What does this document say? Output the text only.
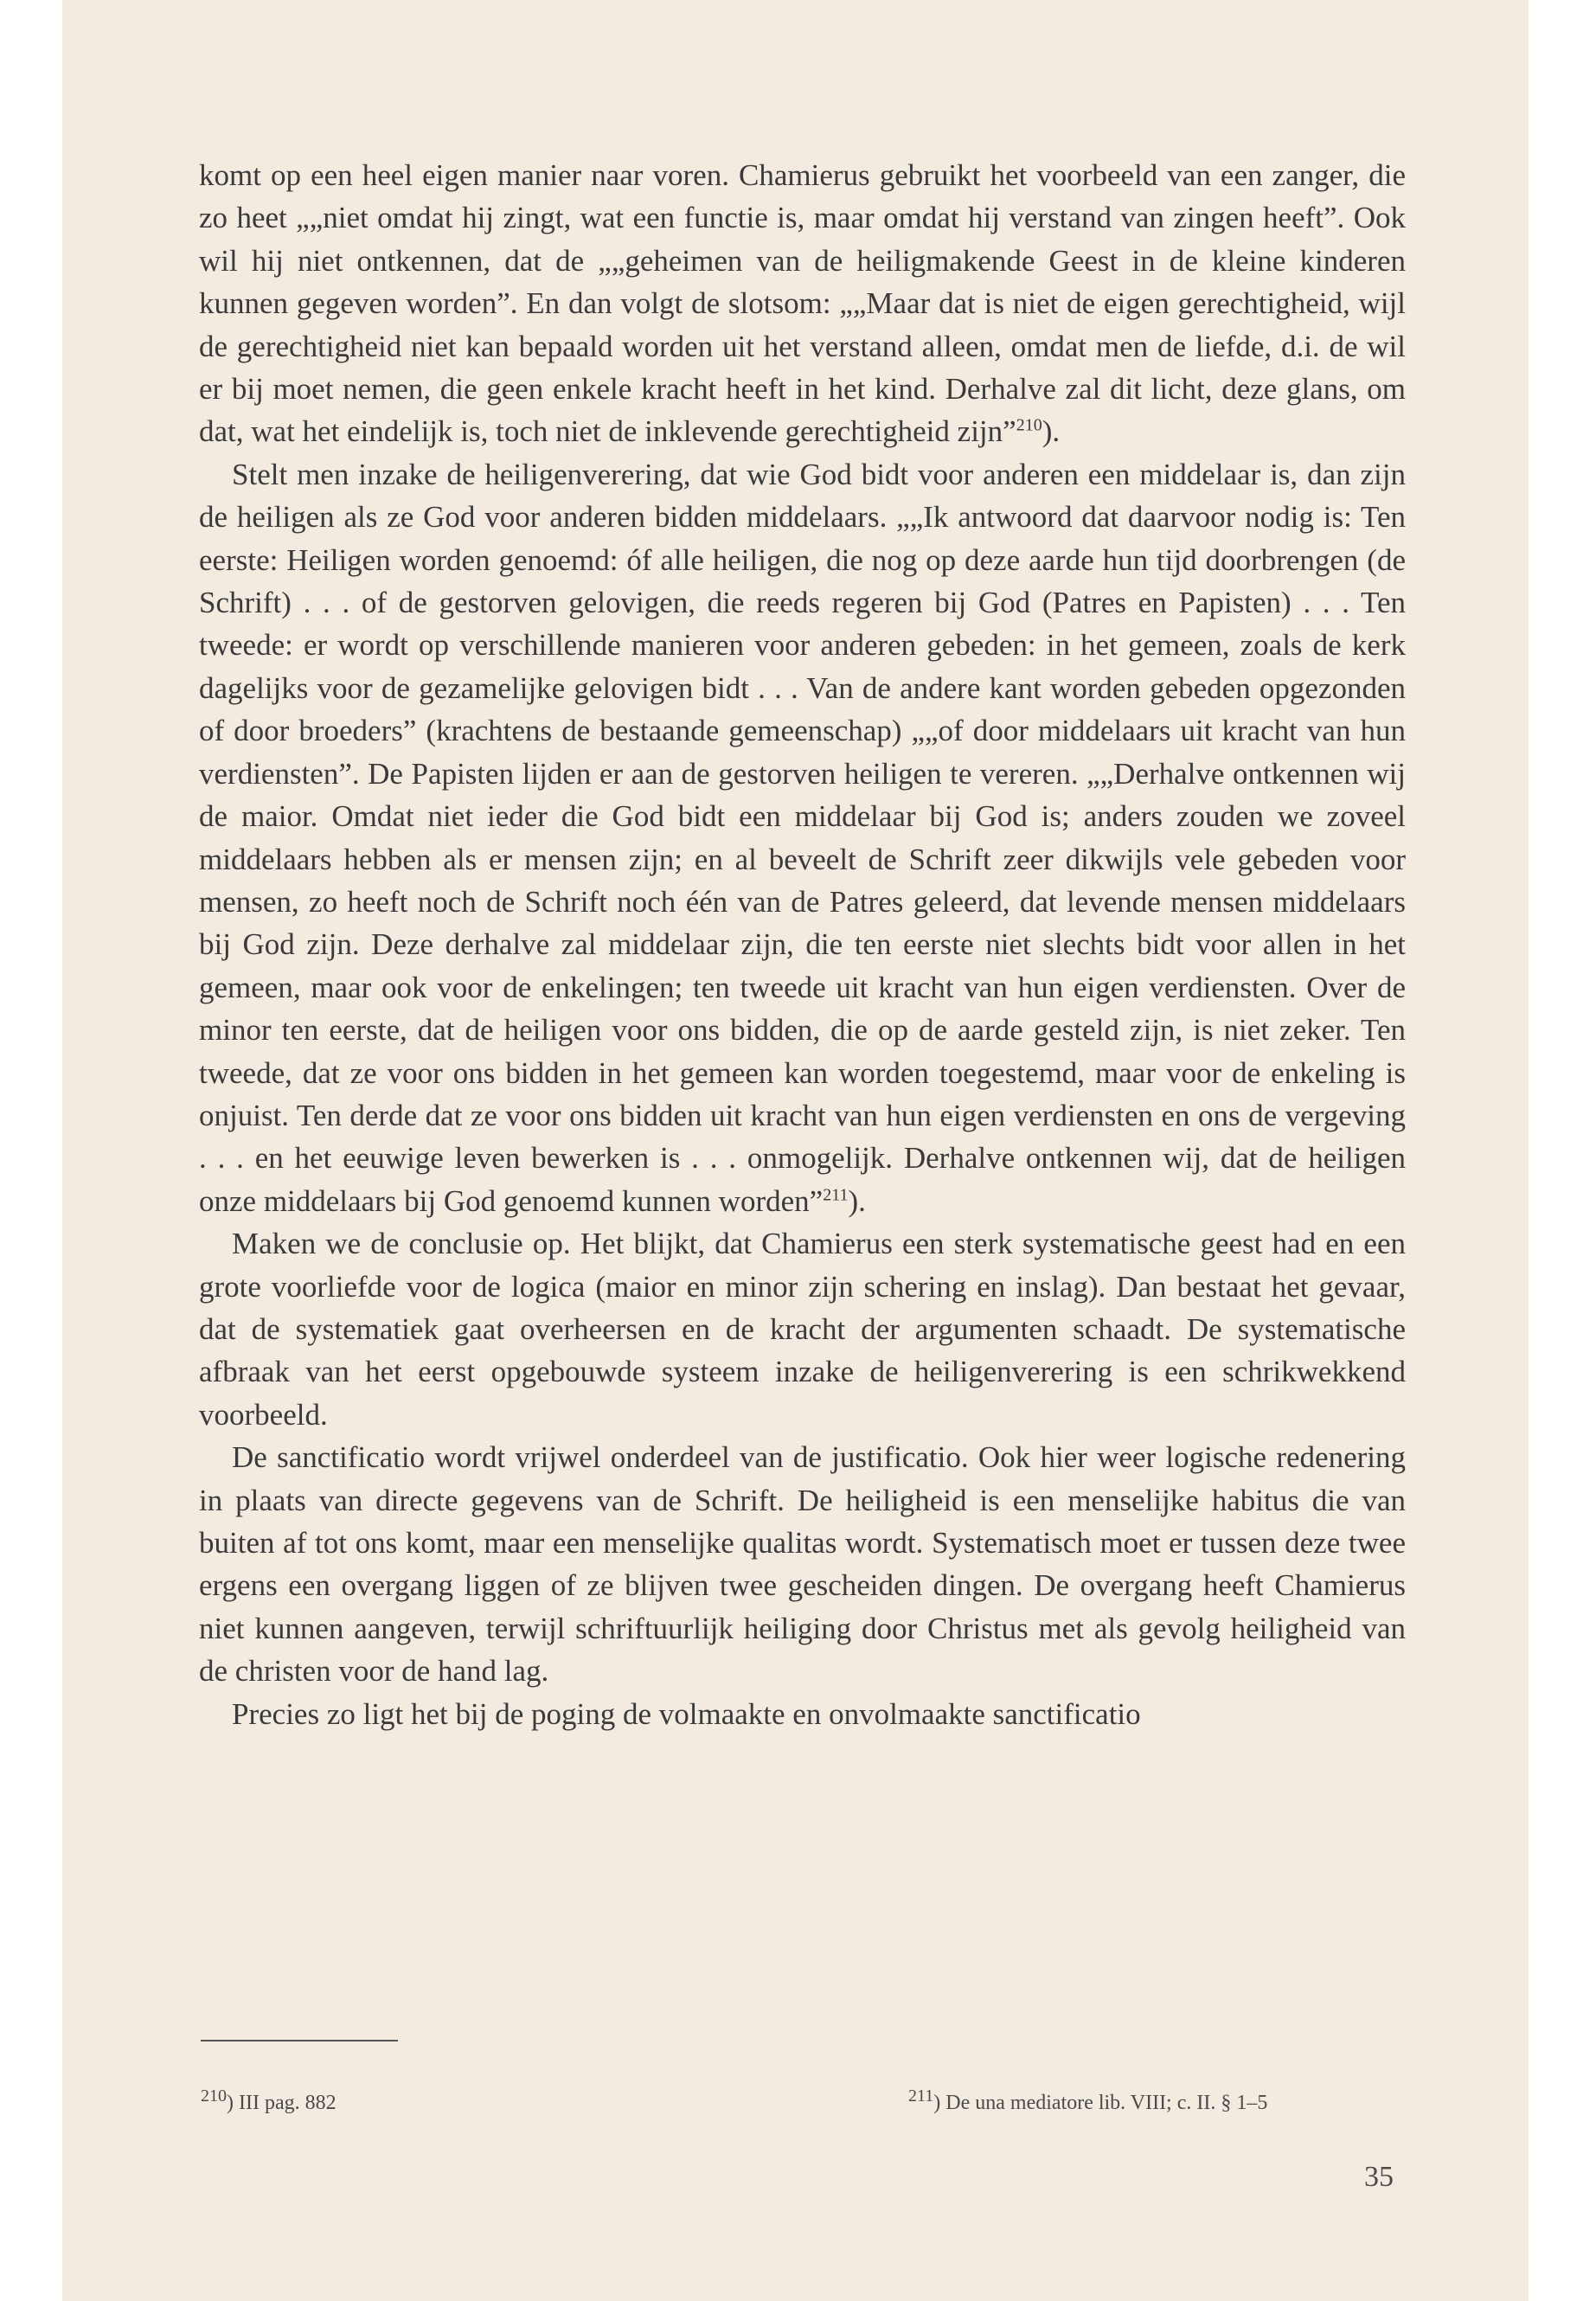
komt op een heel eigen manier naar voren. Chamierus gebruikt het voorbeeld van een zanger, die zo heet „„niet omdat hij zingt, wat een functie is, maar omdat hij verstand van zingen heeft”. Ook wil hij niet ontkennen, dat de „„geheimen van de heiligmakende Geest in de kleine kinderen kunnen gegeven worden”. En dan volgt de slotsom: „„Maar dat is niet de eigen gerechtigheid, wijl de gerechtigheid niet kan bepaald worden uit het verstand alleen, omdat men de liefde, d.i. de wil er bij moet nemen, die geen enkele kracht heeft in het kind. Derhalve zal dit licht, deze glans, om dat, wat het eindelijk is, toch niet de inklevende gerechtigheid zijn”$^{210}$).

Stelt men inzake de heiligenverering, dat wie God bidt voor anderen een middelaar is, dan zijn de heiligen als ze God voor anderen bidden middelaars. „„Ik antwoord dat daarvoor nodig is: Ten eerste: Heiligen worden genoemd: óf alle heiligen, die nog op deze aarde hun tijd doorbrengen (de Schrift) . . . of de gestorven gelovigen, die reeds regeren bij God (Patres en Papisten) . . . Ten tweede: er wordt op verschillende manieren voor anderen gebeden: in het gemeen, zoals de kerk dagelijks voor de gezamelijke gelovigen bidt . . . Van de andere kant worden gebeden opgezonden of door broeders” (krachtens de bestaande gemeenschap) „„of door middelaars uit kracht van hun verdiensten”. De Papisten lijden er aan de gestorven heiligen te vereren. „„Derhalve ontkennen wij de maior. Omdat niet ieder die God bidt een middelaar bij God is; anders zouden we zoveel middelaars hebben als er mensen zijn; en al beveelt de Schrift zeer dikwijls vele gebeden voor mensen, zo heeft noch de Schrift noch één van de Patres geleerd, dat levende mensen middelaars bij God zijn. Deze derhalve zal middelaar zijn, die ten eerste niet slechts bidt voor allen in het gemeen, maar ook voor de enkelingen; ten tweede uit kracht van hun eigen verdiensten. Over de minor ten eerste, dat de heiligen voor ons bidden, die op de aarde gesteld zijn, is niet zeker. Ten tweede, dat ze voor ons bidden in het gemeen kan worden toegestemd, maar voor de enkeling is onjuist. Ten derde dat ze voor ons bidden uit kracht van hun eigen verdiensten en ons de vergeving . . . en het eeuwige leven bewerken is . . . onmogelijk. Derhalve ontkennen wij, dat de heiligen onze middelaars bij God genoemd kunnen worden”$^{211}$).

Maken we de conclusie op. Het blijkt, dat Chamierus een sterk systematische geest had en een grote voorliefde voor de logica (maior en minor zijn schering en inslag). Dan bestaat het gevaar, dat de systematiek gaat overheersen en de kracht der argumenten schaadt. De systematische afbraak van het eerst opgebouwde systeem inzake de heiligenverering is een schrikwekkend voorbeeld.

De sanctificatio wordt vrijwel onderdeel van de justificatio. Ook hier weer logische redenering in plaats van directe gegevens van de Schrift. De heiligheid is een menselijke habitus die van buiten af tot ons komt, maar een menselijke qualitas wordt. Systematisch moet er tussen deze twee ergens een overgang liggen of ze blijven twee gescheiden dingen. De overgang heeft Chamierus niet kunnen aangeven, terwijl schriftuurlijk heiliging door Christus met als gevolg heiligheid van de christen voor de hand lag.

Precies zo ligt het bij de poging de volmaakte en onvolmaakte sanctificatio

$^{210}$) III pag. 882	$^{211}$) De una mediatore lib. VIII; c. II. § 1–5
35
